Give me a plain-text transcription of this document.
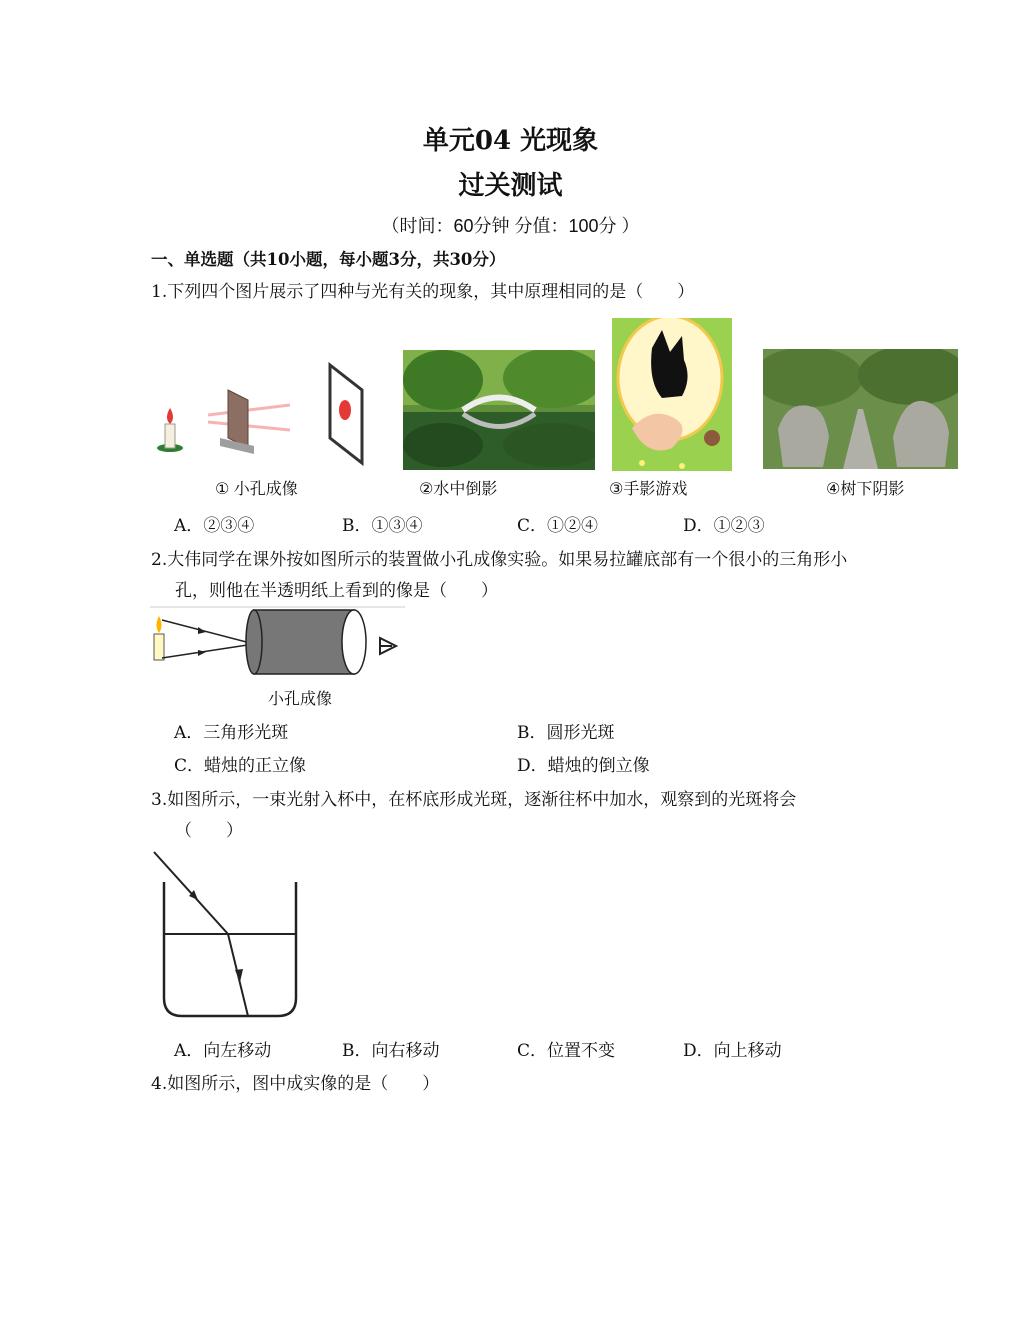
单元04 光现象
过关测试
（时间：60分钟 分值：100分 ）
一、单选题（共10小题，每小题3分，共30分）
1.下列四个图片展示了四种与光有关的现象，其中原理相同的是（　　）
① 小孔成像	②水中倒影	③手影游戏	④树下阴影
A．②③④	B．①③④	C．①②④	D．①②③
2.大伟同学在课外按如图所示的装置做小孔成像实验。如果易拉罐底部有一个很小的三角形小
孔，则他在半透明纸上看到的像是（　　）
小孔成像
A．三角形光斑	B．圆形光斑
C．蜡烛的正立像	D．蜡烛的倒立像
3.如图所示，一束光射入杯中，在杯底形成光斑，逐渐往杯中加水，观察到的光斑将会
（　　）
A．向左移动	B．向右移动	C．位置不变	D．向上移动
4.如图所示，图中成实像的是（　　）
